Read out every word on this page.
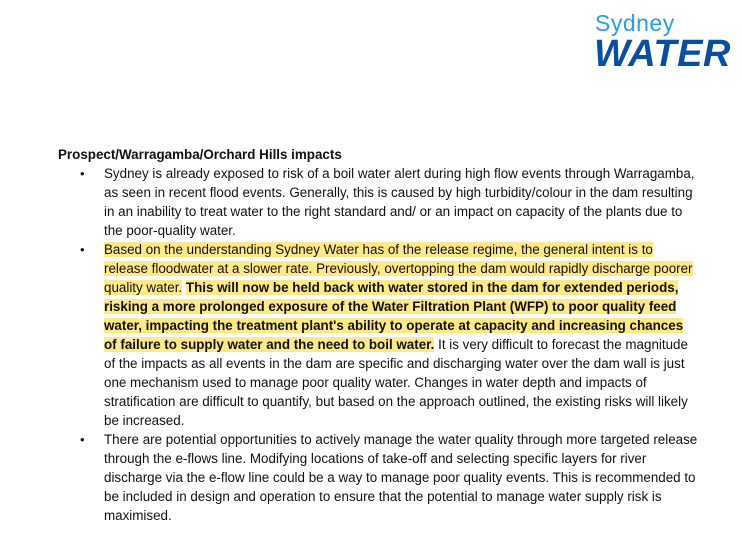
Sydney
WATER
Prospect/Warragamba/Orchard Hills impacts
• Sydney is already exposed to risk of a boil water alert during high flow events through Warragamba, as seen in recent flood events. Generally, this is caused by high turbidity/colour in the dam resulting in an inability to treat water to the right standard and/ or an impact on capacity of the plants due to the poor-quality water.
• Based on the understanding Sydney Water has of the release regime, the general intent is to release floodwater at a slower rate. Previously, overtopping the dam would rapidly discharge poorer quality water. This will now be held back with water stored in the dam for extended periods, risking a more prolonged exposure of the Water Filtration Plant (WFP) to poor quality feed water, impacting the treatment plant's ability to operate at capacity and increasing chances of failure to supply water and the need to boil water. It is very difficult to forecast the magnitude of the impacts as all events in the dam are specific and discharging water over the dam wall is just one mechanism used to manage poor quality water. Changes in water depth and impacts of stratification are difficult to quantify, but based on the approach outlined, the existing risks will likely be increased.
• There are potential opportunities to actively manage the water quality through more targeted release through the e-flows line. Modifying locations of take-off and selecting specific layers for river discharge via the e-flow line could be a way to manage poor quality events. This is recommended to be included in design and operation to ensure that the potential to manage water supply risk is maximised.
